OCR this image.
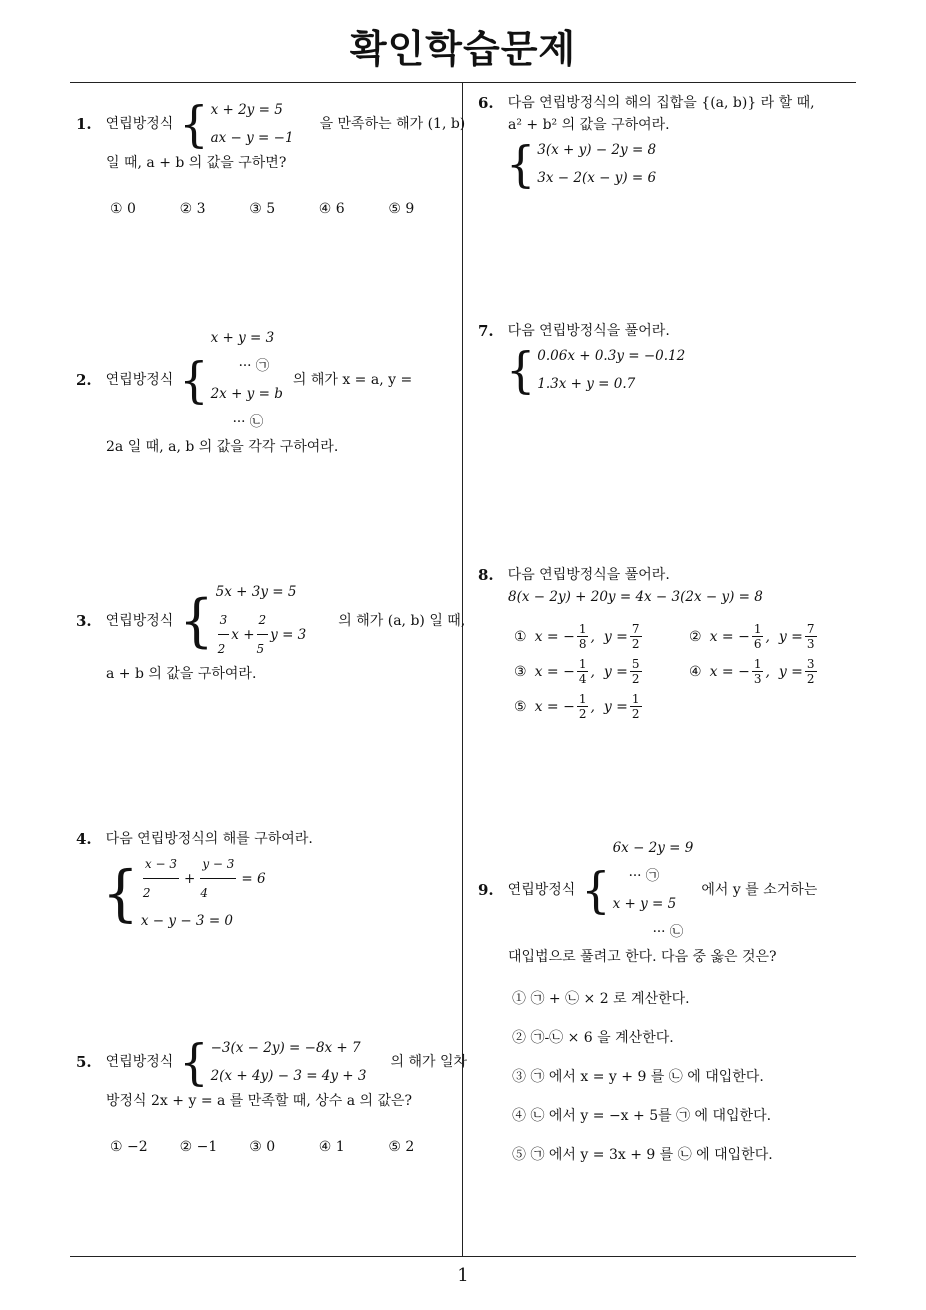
확인학습문제
1
1. 연립방정식 { x + 2y = 5
ax − y = −1
을 만족하는 해가 (1, b)
일 때, a + b 의 값을 구하면?
① 0	② 3	③ 5	④ 6	⑤ 9
2. 연립방정식 {
x + y = 3
··· ㉠
2x + y = b
··· ㉡
의 해가 x = a, y =
2a 일 때, a, b 의 값을 각각 구하여라.
3. 연립방정식 { 5x + 3y = 5
$\frac{3}{2}$ $x + \frac{2}{5}$ y = 3
의 해가 (a, b) 일 때,
a + b 의 값을 구하여라.
4. 다음 연립방정식의 해를 구하여라.
{ $\frac{x - 3}{2} + \frac{y - 3}{4} = 6$
x − y − 3 = 0
5. 연립방정식 { −3(x − 2y) = −8x + 7
2(x + 4y) − 3 = 4y + 3
의 해가 일차
방정식 2x + y = a 를 만족할 때, 상수 a 의 값은?
① −2	② −1	③ 0	④ 1	⑤ 2
6. 다음 연립방정식의 해의 집합을 {(a, b)} 라 할 때,
a² + b² 의 값을 구하여라.
{ 3(x + y) − 2y = 8
3x − 2(x − y) = 6
7. 다음 연립방정식을 풀어라.
{ 0.06x + 0.3y = −0.12
1.3x + y = 0.7
8. 다음 연립방정식을 풀어라.
8(x − 2y) + 20y = 4x − 3(2x − y) = 8
① x = − $\frac{1}{8}$ ,  $y = \frac{7}{2}$	② x = − $\frac{1}{6}$ ,  $y = \frac{7}{3}$
③ x = − $\frac{1}{4}$ ,  $y = \frac{5}{2}$	④ x = − $\frac{1}{3}$ ,  $y = \frac{3}{2}$
⑤ x = − $\frac{1}{2}$ ,  $y = \frac{1}{2}$
9. 연립방정식 {
6x − 2y = 9
··· ㉠
x + y = 5
··· ㉡
에서 y 를 소거하는
대입법으로 풀려고 한다. 다음 중 옳은 것은?
① ㉠ + ㉡ × 2 로 계산한다.
② ㉠-㉡ × 6 을 계산한다.
③ ㉠ 에서 x = y + 9 를 ㉡ 에 대입한다.
④ ㉡ 에서 y = −x + 5를 ㉠ 에 대입한다.
⑤ ㉠ 에서 y = 3x + 9 를 ㉡ 에 대입한다.
